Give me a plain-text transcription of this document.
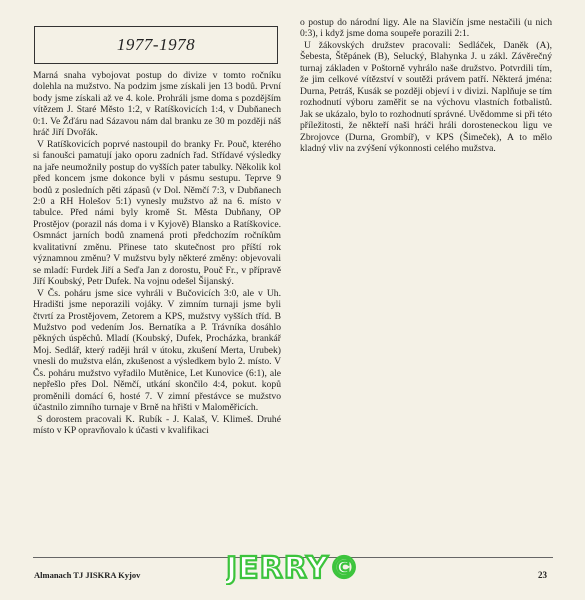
1977-1978

Marná snaha vybojovat postup do divize v tomto ročníku dolehla na mužstvo. Na podzim jsme získali jen 13 bodů. První body jsme získali až ve 4. kole. Prohráli jsme doma s pozdějším vítězem J. Staré Město 1:2, v Ratíškovicích 1:4, v Dubňanech 0:1. Ve Žďáru nad Sázavou nám dal branku ze 30 m později náš hráč Jiří Dvořák.

V Ratíškovicích poprvé nastoupil do branky Fr. Pouč, kterého si fanoušci pamatují jako oporu zadních řad. Střídavé výsledky na jaře neumožnily postup do vyšších pater tabulky. Několik kol před koncem jsme dokonce byli v pásmu sestupu. Teprve 9 bodů z posledních pěti zápasů (v Dol. Němčí 7:3, v Dubňanech 2:0 a RH Holešov 5:1) vynesly mužstvo až na 6. místo v tabulce. Před námi byly kromě St. Města Dubňany, OP Prostějov (porazil nás doma i v Kyjově) Blansko a Ratíškovice. Osmnáct jarních bodů znamená proti předchozím ročníkům kvalitativní změnu. Přinese tato skutečnost pro příští rok významnou změnu? V mužstvu byly některé změny: objevovali se mladí: Furdek Jiří a Seďa Jan z dorostu, Pouč Fr., v přípravě Jiří Koubský, Petr Dufek. Na vojnu odešel Šijanský.

V Čs. poháru jsme sice vyhráli v Bučovicích 3:0, ale v Uh. Hradišti jsme neporazili vojáky. V zimním turnaji jsme byli čtvrtí za Prostějovem, Zetorem a KPS, mužstvy vyšších tříd. B Mužstvo pod vedením Jos. Bernatíka a P. Trávníka dosáhlo pěkných úspěchů. Mladí (Koubský, Dufek, Procházka, brankář Moj. Sedlář, který raději hrál v útoku, zkušení Merta, Urubek) vnesli do mužstva elán, zkušenost a výsledkem bylo 2. místo. V Čs. poháru mužstvo vyřadilo Mutěnice, Let Kunovice (6:1), ale nepřešlo přes Dol. Němčí, utkání skončilo 4:4, pokut. kopů proměnili domácí 6, hosté 7. V zimní přestávce se mužstvo účastnilo zimního turnaje v Brně na hřišti v Maloměřicích.

S dorostem pracovali K. Rubík - J. Kalaš, V. Klimeš. Druhé místo v KP opravňovalo k účasti v kvalifikaci

o postup do národní ligy. Ale na Slavičín jsme nestačili (u nich 0:3), i když jsme doma soupeře porazili 2:1.

U žákovských družstev pracovali: Sedláček, Daněk (A), Šebesta, Štěpánek (B), Selucký, Blahynka J. u zákl. Závěrečný turnaj základen v Poštorně vyhrálo naše družstvo. Potvrdili tím, že jim celkové vítězství v soutěži právem patří. Některá jména: Durna, Petráš, Kusák se později objeví i v divizi. Naplňuje se tím rozhodnutí výboru zaměřit se na výchovu vlastních fotbalistů. Jak se ukázalo, bylo to rozhodnutí správné. Uvědomme si při této příležitosti, že někteří naši hráči hráli dorosteneckou ligu ve Zbrojovce (Durna, Grombíř), v KPS (Šimeček), A to mělo kladný vliv na zvýšení výkonnosti celého mužstva.

Almanach TJ JISKRA Kyjov	JERRY©	23
